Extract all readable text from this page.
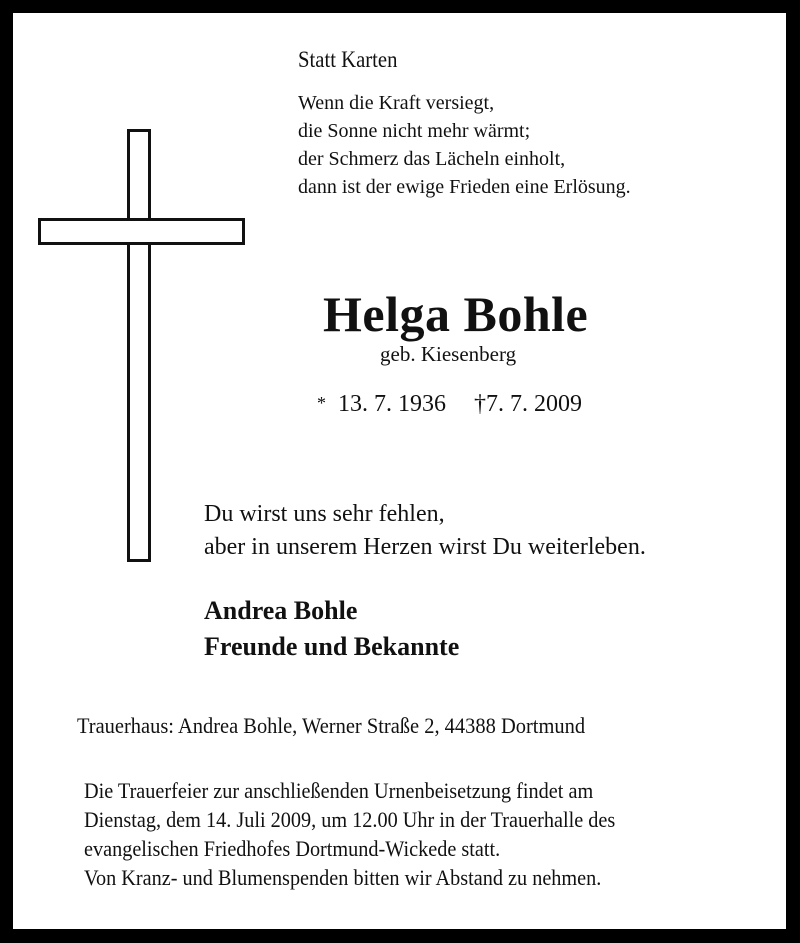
Statt Karten
Wenn die Kraft versiegt,
die Sonne nicht mehr wärmt;
der Schmerz das Lächeln einholt,
dann ist der ewige Frieden eine Erlösung.
Helga Bohle
geb. Kiesenberg
* 13. 7. 1936 †7. 7. 2009
Du wirst uns sehr fehlen,
aber in unserem Herzen wirst Du weiterleben.
Andrea Bohle
Freunde und Bekannte
Trauerhaus: Andrea Bohle, Werner Straße 2, 44388 Dortmund
Die Trauerfeier zur anschließenden Urnenbeisetzung findet am
Dienstag, dem 14. Juli 2009, um 12.00 Uhr in der Trauerhalle des
evangelischen Friedhofes Dortmund-Wickede statt.
Von Kranz- und Blumenspenden bitten wir Abstand zu nehmen.
